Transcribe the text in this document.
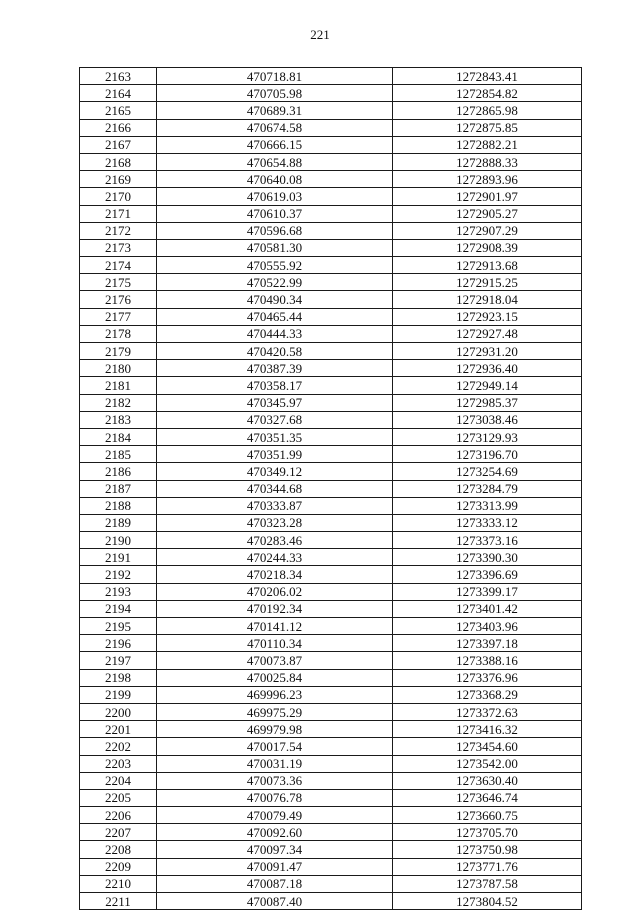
221
2163	470718.81	1272843.41
2164	470705.98	1272854.82
2165	470689.31	1272865.98
2166	470674.58	1272875.85
2167	470666.15	1272882.21
2168	470654.88	1272888.33
2169	470640.08	1272893.96
2170	470619.03	1272901.97
2171	470610.37	1272905.27
2172	470596.68	1272907.29
2173	470581.30	1272908.39
2174	470555.92	1272913.68
2175	470522.99	1272915.25
2176	470490.34	1272918.04
2177	470465.44	1272923.15
2178	470444.33	1272927.48
2179	470420.58	1272931.20
2180	470387.39	1272936.40
2181	470358.17	1272949.14
2182	470345.97	1272985.37
2183	470327.68	1273038.46
2184	470351.35	1273129.93
2185	470351.99	1273196.70
2186	470349.12	1273254.69
2187	470344.68	1273284.79
2188	470333.87	1273313.99
2189	470323.28	1273333.12
2190	470283.46	1273373.16
2191	470244.33	1273390.30
2192	470218.34	1273396.69
2193	470206.02	1273399.17
2194	470192.34	1273401.42
2195	470141.12	1273403.96
2196	470110.34	1273397.18
2197	470073.87	1273388.16
2198	470025.84	1273376.96
2199	469996.23	1273368.29
2200	469975.29	1273372.63
2201	469979.98	1273416.32
2202	470017.54	1273454.60
2203	470031.19	1273542.00
2204	470073.36	1273630.40
2205	470076.78	1273646.74
2206	470079.49	1273660.75
2207	470092.60	1273705.70
2208	470097.34	1273750.98
2209	470091.47	1273771.76
2210	470087.18	1273787.58
2211	470087.40	1273804.52
